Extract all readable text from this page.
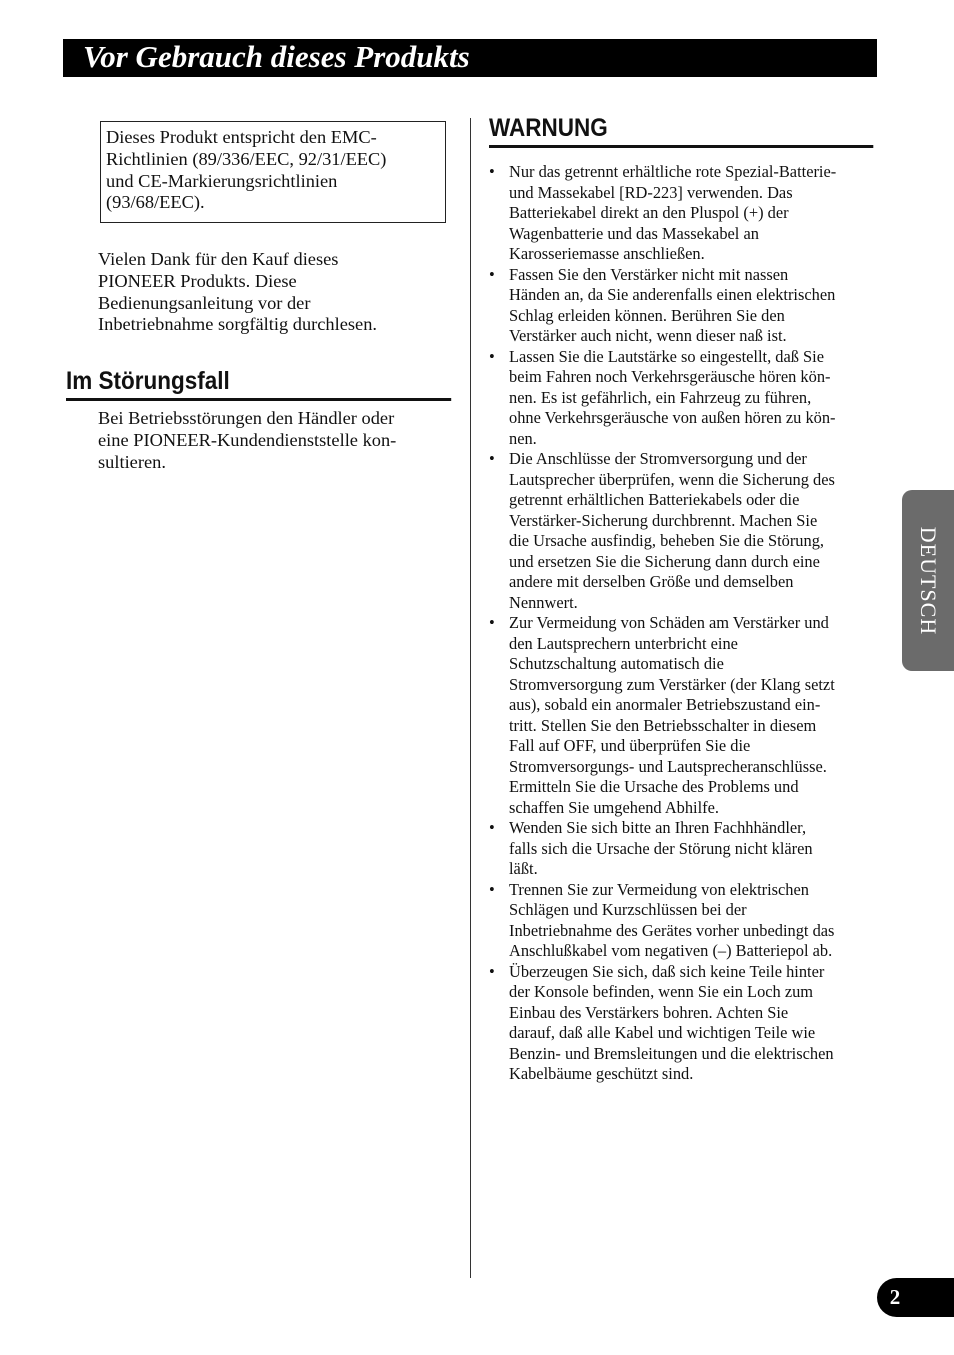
Vor Gebrauch dieses Produkts
Dieses Produkt entspricht den EMC-
Richtlinien (89/336/EEC, 92/31/EEC)
und CE-Markierungsrichtlinien
(93/68/EEC).
Vielen Dank für den Kauf dieses
PIONEER Produkts. Diese
Bedienungsanleitung vor der
Inbetriebnahme sorgfältig durchlesen.
Im Störungsfall
Bei Betriebsstörungen den Händler oder
eine PIONEER-Kundendienststelle kon-
sultieren.
WARNUNG
• Nur das getrennt erhältliche rote Spezial-Batterie-
und Massekabel [RD-223] verwenden. Das
Batteriekabel direkt an den Pluspol (+) der
Wagenbatterie und das Massekabel an
Karosseriemasse anschließen.
• Fassen Sie den Verstärker nicht mit nassen
Händen an, da Sie anderenfalls einen elektrischen
Schlag erleiden können. Berühren Sie den
Verstärker auch nicht, wenn dieser naß ist.
• Lassen Sie die Lautstärke so eingestellt, daß Sie
beim Fahren noch Verkehrsgeräusche hören kön-
nen. Es ist gefährlich, ein Fahrzeug zu führen,
ohne Verkehrsgeräusche von außen hören zu kön-
nen.
• Die Anschlüsse der Stromversorgung und der
Lautsprecher überprüfen, wenn die Sicherung des
getrennt erhältlichen Batteriekabels oder die
Verstärker-Sicherung durchbrennt. Machen Sie
die Ursache ausfindig, beheben Sie die Störung,
und ersetzen Sie die Sicherung dann durch eine
andere mit derselben Größe und demselben
Nennwert.
• Zur Vermeidung von Schäden am Verstärker und
den Lautsprechern unterbricht eine
Schutzschaltung automatisch die
Stromversorgung zum Verstärker (der Klang setzt
aus), sobald ein anormaler Betriebszustand ein-
tritt. Stellen Sie den Betriebsschalter in diesem
Fall auf OFF, und überprüfen Sie die
Stromversorgungs- und Lautsprecheranschlüsse.
Ermitteln Sie die Ursache des Problems und
schaffen Sie umgehend Abhilfe.
• Wenden Sie sich bitte an Ihren Fachhhändler,
falls sich die Ursache der Störung nicht klären
läßt.
• Trennen Sie zur Vermeidung von elektrischen
Schlägen und Kurzschlüssen bei der
Inbetriebnahme des Gerätes vorher unbedingt das
Anschlußkabel vom negativen (–) Batteriepol ab.
• Überzeugen Sie sich, daß sich keine Teile hinter
der Konsole befinden, wenn Sie ein Loch zum
Einbau des Verstärkers bohren. Achten Sie
darauf, daß alle Kabel und wichtigen Teile wie
Benzin- und Bremsleitungen und die elektrischen
Kabelbäume geschützt sind.
DEUTSCH
2
